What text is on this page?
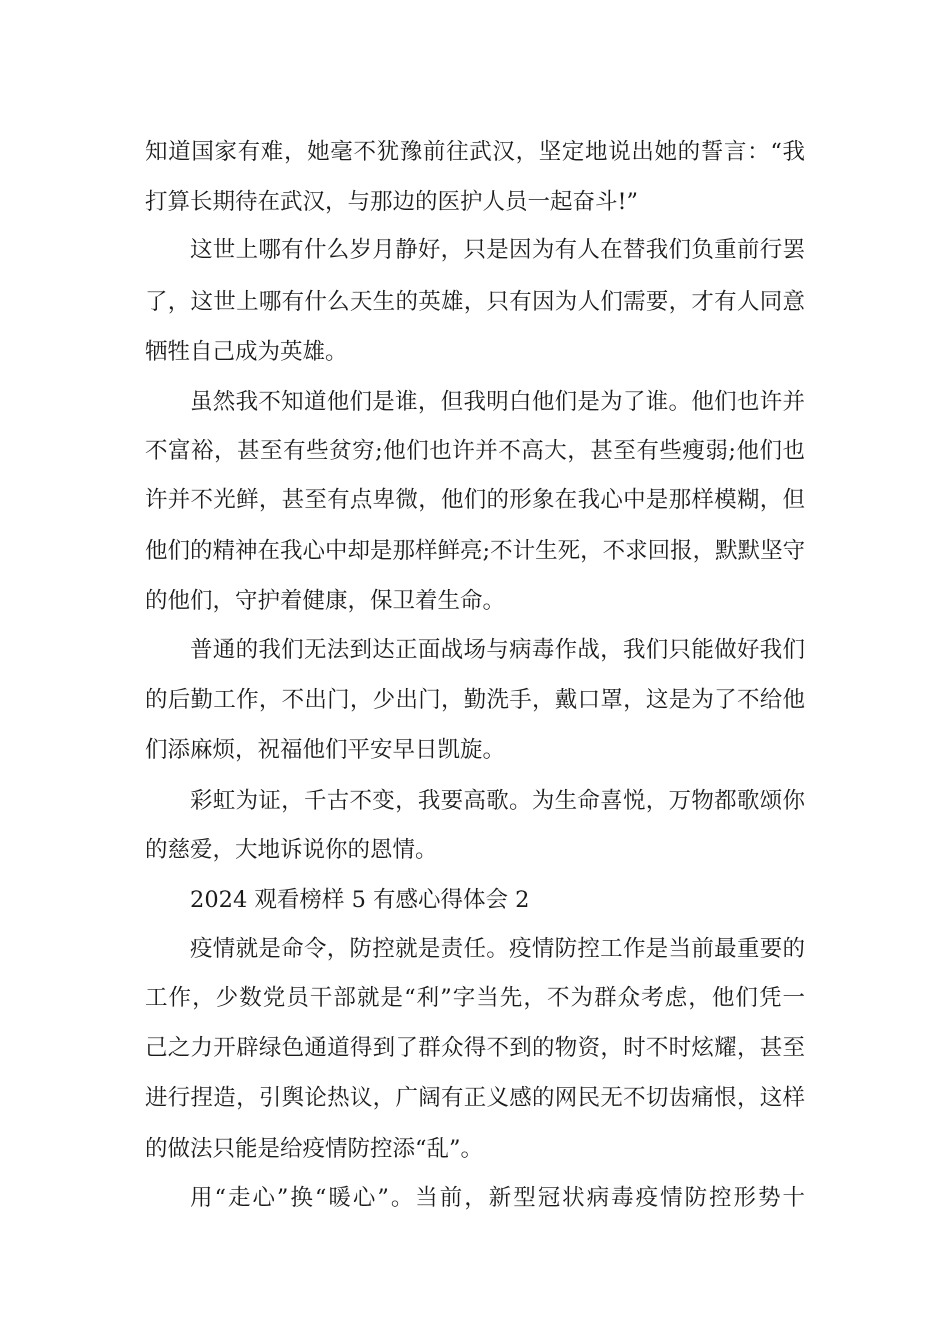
知道国家有难，她毫不犹豫前往武汉，坚定地说出她的誓言：“我
打算长期待在武汉，与那边的医护人员一起奋斗!”
这世上哪有什么岁月静好，只是因为有人在替我们负重前行罢
了，这世上哪有什么天生的英雄，只有因为人们需要，才有人同意
牺牲自己成为英雄。
虽然我不知道他们是谁，但我明白他们是为了谁。他们也许并
不富裕，甚至有些贫穷;他们也许并不高大，甚至有些瘦弱;他们也
许并不光鲜，甚至有点卑微，他们的形象在我心中是那样模糊，但
他们的精神在我心中却是那样鲜亮;不计生死，不求回报，默默坚守
的他们，守护着健康，保卫着生命。
普通的我们无法到达正面战场与病毒作战，我们只能做好我们
的后勤工作，不出门，少出门，勤洗手，戴口罩，这是为了不给他
们添麻烦，祝福他们平安早日凯旋。
彩虹为证，千古不变，我要高歌。为生命喜悦，万物都歌颂你
的慈爱，大地诉说你的恩情。
2024 观看榜样 5 有感心得体会 2
疫情就是命令，防控就是责任。疫情防控工作是当前最重要的
工作，少数党员干部就是“利”字当先，不为群众考虑，他们凭一
己之力开辟绿色通道得到了群众得不到的物资，时不时炫耀，甚至
进行捏造，引舆论热议，广阔有正义感的网民无不切齿痛恨，这样
的做法只能是给疫情防控添“乱”。
用“走心”换“暖心”。当前，新型冠状病毒疫情防控形势十
